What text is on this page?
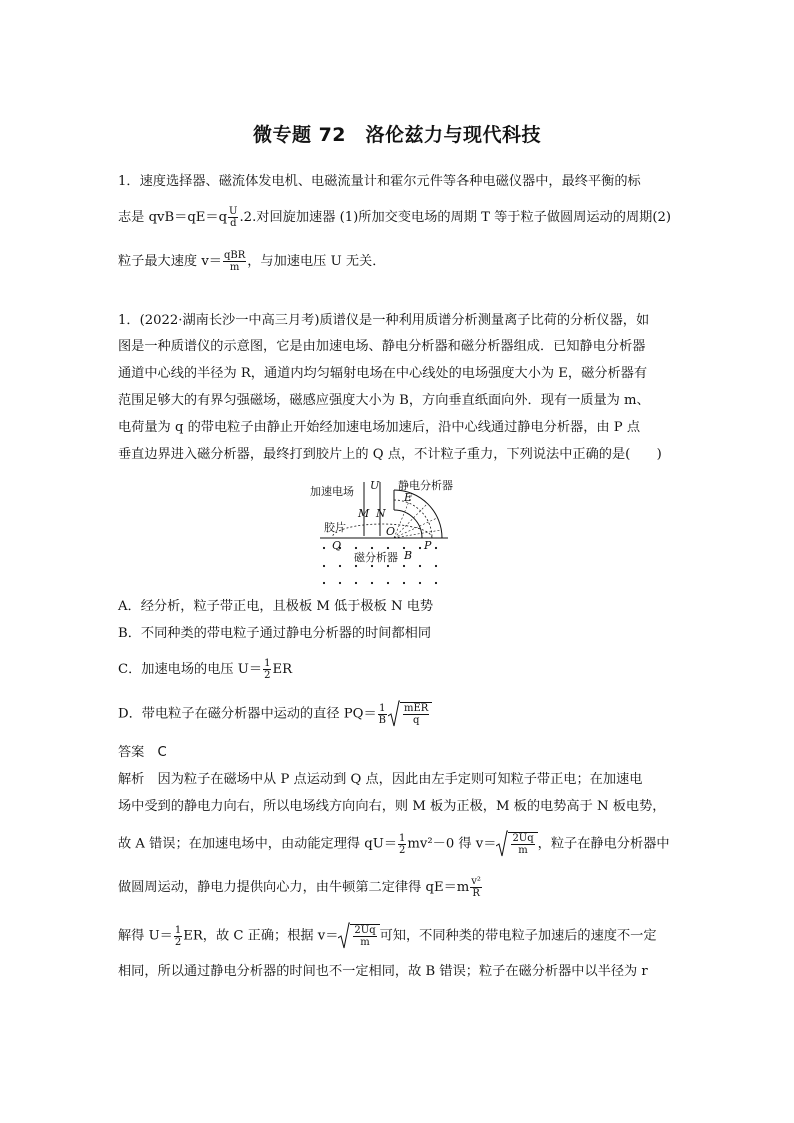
微专题 72　洛伦兹力与现代科技
1．速度选择器、磁流体发电机、电磁流量计和霍尔元件等各种电磁仪器中，最终平衡的标
志是 $qvB=qE=q \frac{U}{d} .2$.对回旋加速器 (1)所加交变电场的周期 T 等于粒子做圆周运动的周期(2)
粒子最大速度 $v= \frac{\text{qBR}}{m}$ ，与加速电压 U 无关．
1．(2022·湖南长沙一中高三月考)质谱仪是一种利用质谱分析测量离子比荷的分析仪器，如
图是一种质谱仪的示意图，它是由加速电场、静电分析器和磁分析器组成．已知静电分析器
通道中心线的半径为 R，通道内均匀辐射电场在中心线处的电场强度大小为 E，磁分析器有
范围足够大的有界匀强磁场，磁感应强度大小为 B，方向垂直纸面向外．现有一质量为 m、
电荷量为 q 的带电粒子由静止开始经加速电场加速后，沿中心线通过静电分析器，由 P 点
垂直边界进入磁分析器，最终打到胶片上的 Q 点，不计粒子重力，下列说法中正确的是(　　)
加速电场 U 静电分析器
E
M N
胶片	O
Q	P
磁分析器 B
A．经分析，粒子带正电，且极板 M 低于极板 N 电势
B．不同种类的带电粒子通过静电分析器的时间都相同
C．加速电场的电压 $U= \frac{1}{2}$ ER
D．带电粒子在磁分析器中运动的直径 $PQ= \frac{1}{B} \frac{\text{mER}}{q}$
答案　C
解析　因为粒子在磁场中从 P 点运动到 Q 点，因此由左手定则可知粒子带正电；在加速电
场中受到的静电力向右，所以电场线方向向右，则 M 板为正极，M 板的电势高于 N 板电势，
故 A 错误；在加速电场中，由动能定理得 $qU= \frac{1}{2} mv^2-0$ 得 $v= \frac{2Uq}{m}$ ，粒子在静电分析器中
做圆周运动，静电力提供向心力，由牛顿第二定律得 $qE=m \frac{\text{v²}}{R}$
解得 $U= \frac{1}{2}$ ER，故 C 正确；根据 $v= \frac{2Uq}{m}$ 可知，不同种类的带电粒子加速后的速度不一定
相同，所以通过静电分析器的时间也不一定相同，故 B 错误；粒子在磁分析器中以半径为 r
